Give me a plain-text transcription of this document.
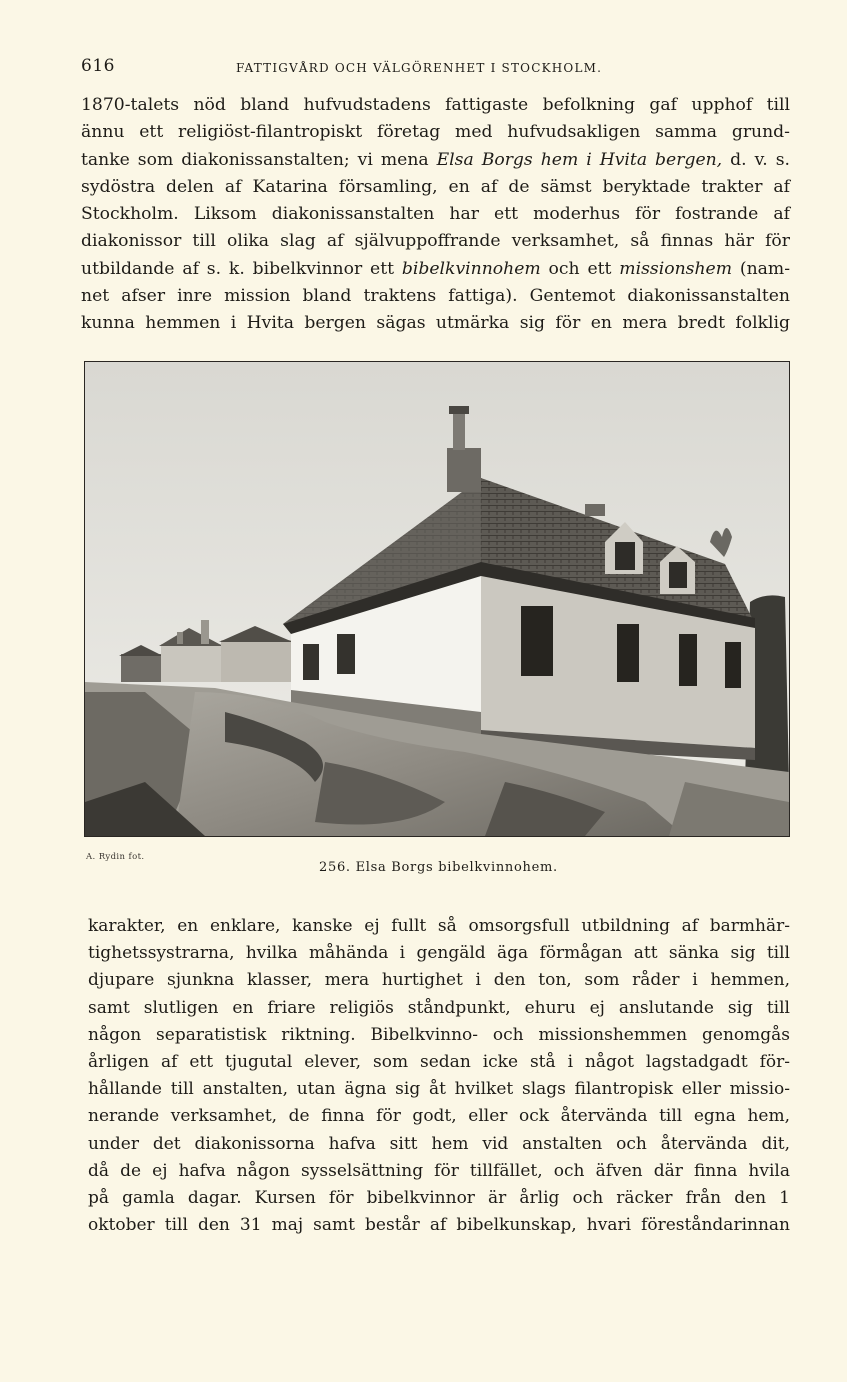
616	FATTIGVÅRD OCH VÄLGÖRENHET I STOCKHOLM.
1870-talets nöd bland hufvudstadens fattigaste befolkning gaf upphof till
ännu ett religiöst-filantropiskt företag med hufvudsakligen samma grund-
tanke som diakonissanstalten; vi mena Elsa Borgs hem i Hvita bergen, d. v. s.
sydöstra delen af Katarina församling, en af de sämst beryktade trakter af
Stockholm. Liksom diakonissanstalten har ett moderhus för fostrande af
diakonissor till olika slag af självuppoffrande verksamhet, så finnas här för
utbildande af s. k. bibelkvinnor ett bibelkvinnohem och ett missionshem (nam-
net afser inre mission bland traktens fattiga). Gentemot diakonissanstalten
kunna hemmen i Hvita bergen sägas utmärka sig för en mera bredt folklig
A. Rydin fot.
256. Elsa Borgs bibelkvinnohem.
karakter, en enklare, kanske ej fullt så omsorgsfull utbildning af barmhär-
tighetssystrarna, hvilka måhända i gengäld äga förmågan att sänka sig till
djupare sjunkna klasser, mera hurtighet i den ton, som råder i hemmen,
samt slutligen en friare religiös ståndpunkt, ehuru ej anslutande sig till
någon separatistisk riktning. Bibelkvinno- och missionshemmen genomgås
årligen af ett tjugutal elever, som sedan icke stå i något lagstadgadt för-
hållande till anstalten, utan ägna sig åt hvilket slags filantropisk eller missio-
nerande verksamhet, de finna för godt, eller ock återvända till egna hem,
under det diakonissorna hafva sitt hem vid anstalten och återvända dit,
då de ej hafva någon sysselsättning för tillfället, och äfven där finna hvila
på gamla dagar. Kursen för bibelkvinnor är årlig och räcker från den 1
oktober till den 31 maj samt består af bibelkunskap, hvari föreståndarinnan
